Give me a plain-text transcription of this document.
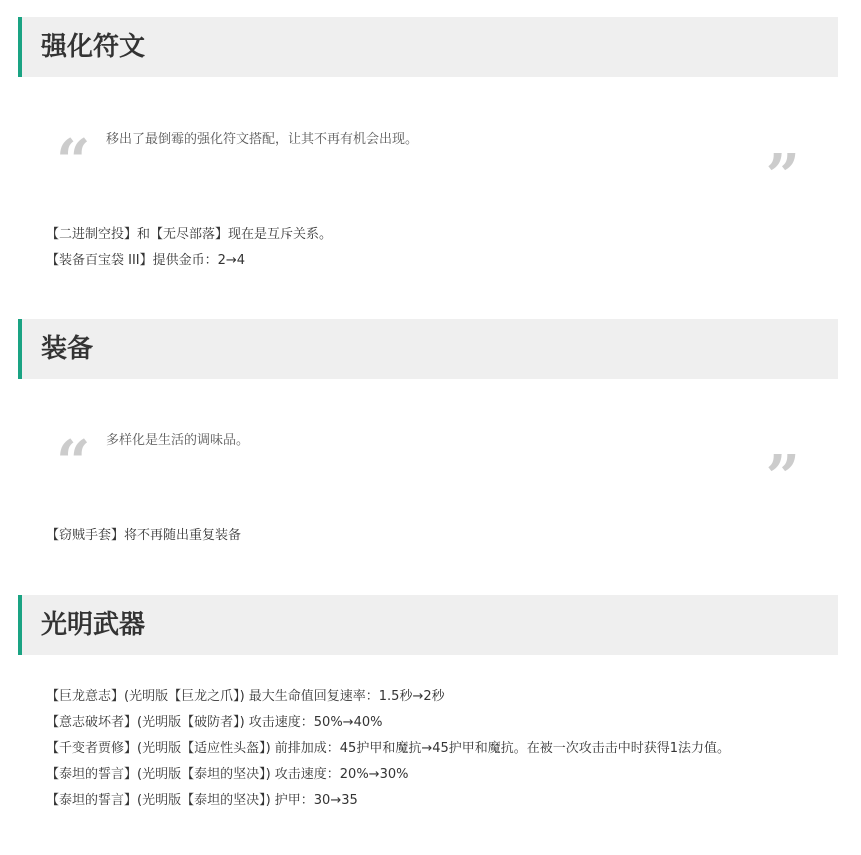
强化符文
“ 移出了最倒霉的强化符文搭配，让其不再有机会出现。
”
【二进制空投】和【无尽部落】现在是互斥关系。
【装备百宝袋 III】提供金币：2→4
装备
“ 多样化是生活的调味品。
”
【窃贼手套】将不再随出重复装备
光明武器
【巨龙意志】(光明版【巨龙之爪】) 最大生命值回复速率：1.5秒→2秒
【意志破坏者】(光明版【破防者】) 攻击速度：50%→40%
【千变者贾修】(光明版【适应性头盔】) 前排加成：45护甲和魔抗→45护甲和魔抗。在被一次攻击击中时获得1法力值。
【泰坦的誓言】(光明版【泰坦的坚决】) 攻击速度：20%→30%
【泰坦的誓言】(光明版【泰坦的坚决】) 护甲：30→35
